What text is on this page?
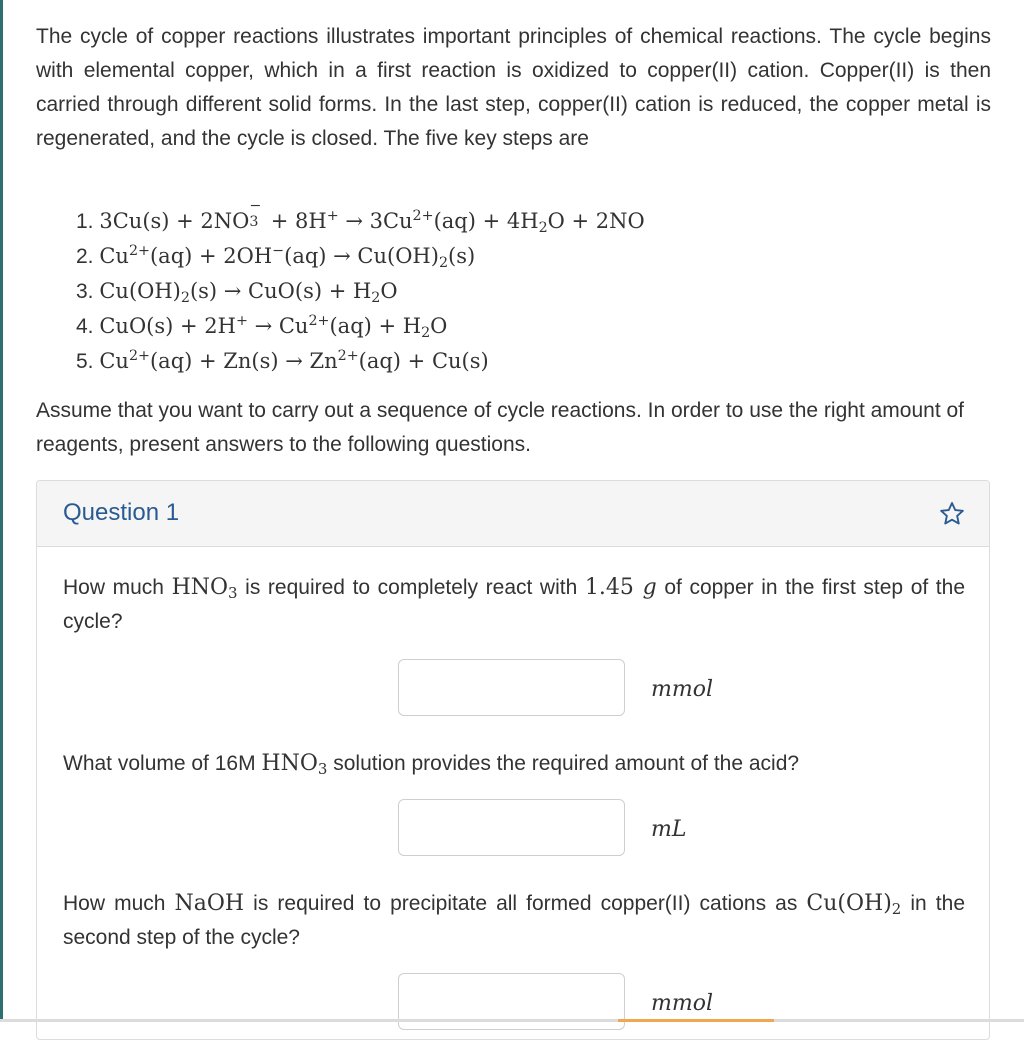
The cycle of copper reactions illustrates important principles of chemical reactions. The cycle begins with elemental copper, which in a first reaction is oxidized to copper(II) cation. Copper(II) is then carried through different solid forms. In the last step, copper(II) cation is reduced, the copper metal is regenerated, and the cycle is closed. The five key steps are

1. 3Cu(s) + 2NO
−
$3 + 8H^+ \to 3Cu^{2+}(aq) + 4H_2O + 2NO$
2. $Cu^{2+}(aq) + 2OH^-(aq) \to Cu(OH)_2(s)$
3. $Cu(OH)_2(s) \to CuO(s) + H_2O$
4. $CuO(s) + 2H^+ \to Cu^{2+}(aq) + H_2O$
5. $Cu^{2+}(aq) + Zn(s) \to Zn^{2+}(aq) + Cu(s)$

Assume that you want to carry out a sequence of cycle reactions. In order to use the right amount of reagents, present answers to the following questions.

Question 1

How much $HNO_3$ is required to completely react with 1.45 g of copper in the first step of the cycle?

mmol

What volume of 16M $HNO_3$ solution provides the required amount of the acid?

mL

How much NaOH is required to precipitate all formed copper(II) cations as $Cu(OH)_2$ in the second step of the cycle?

mmol
